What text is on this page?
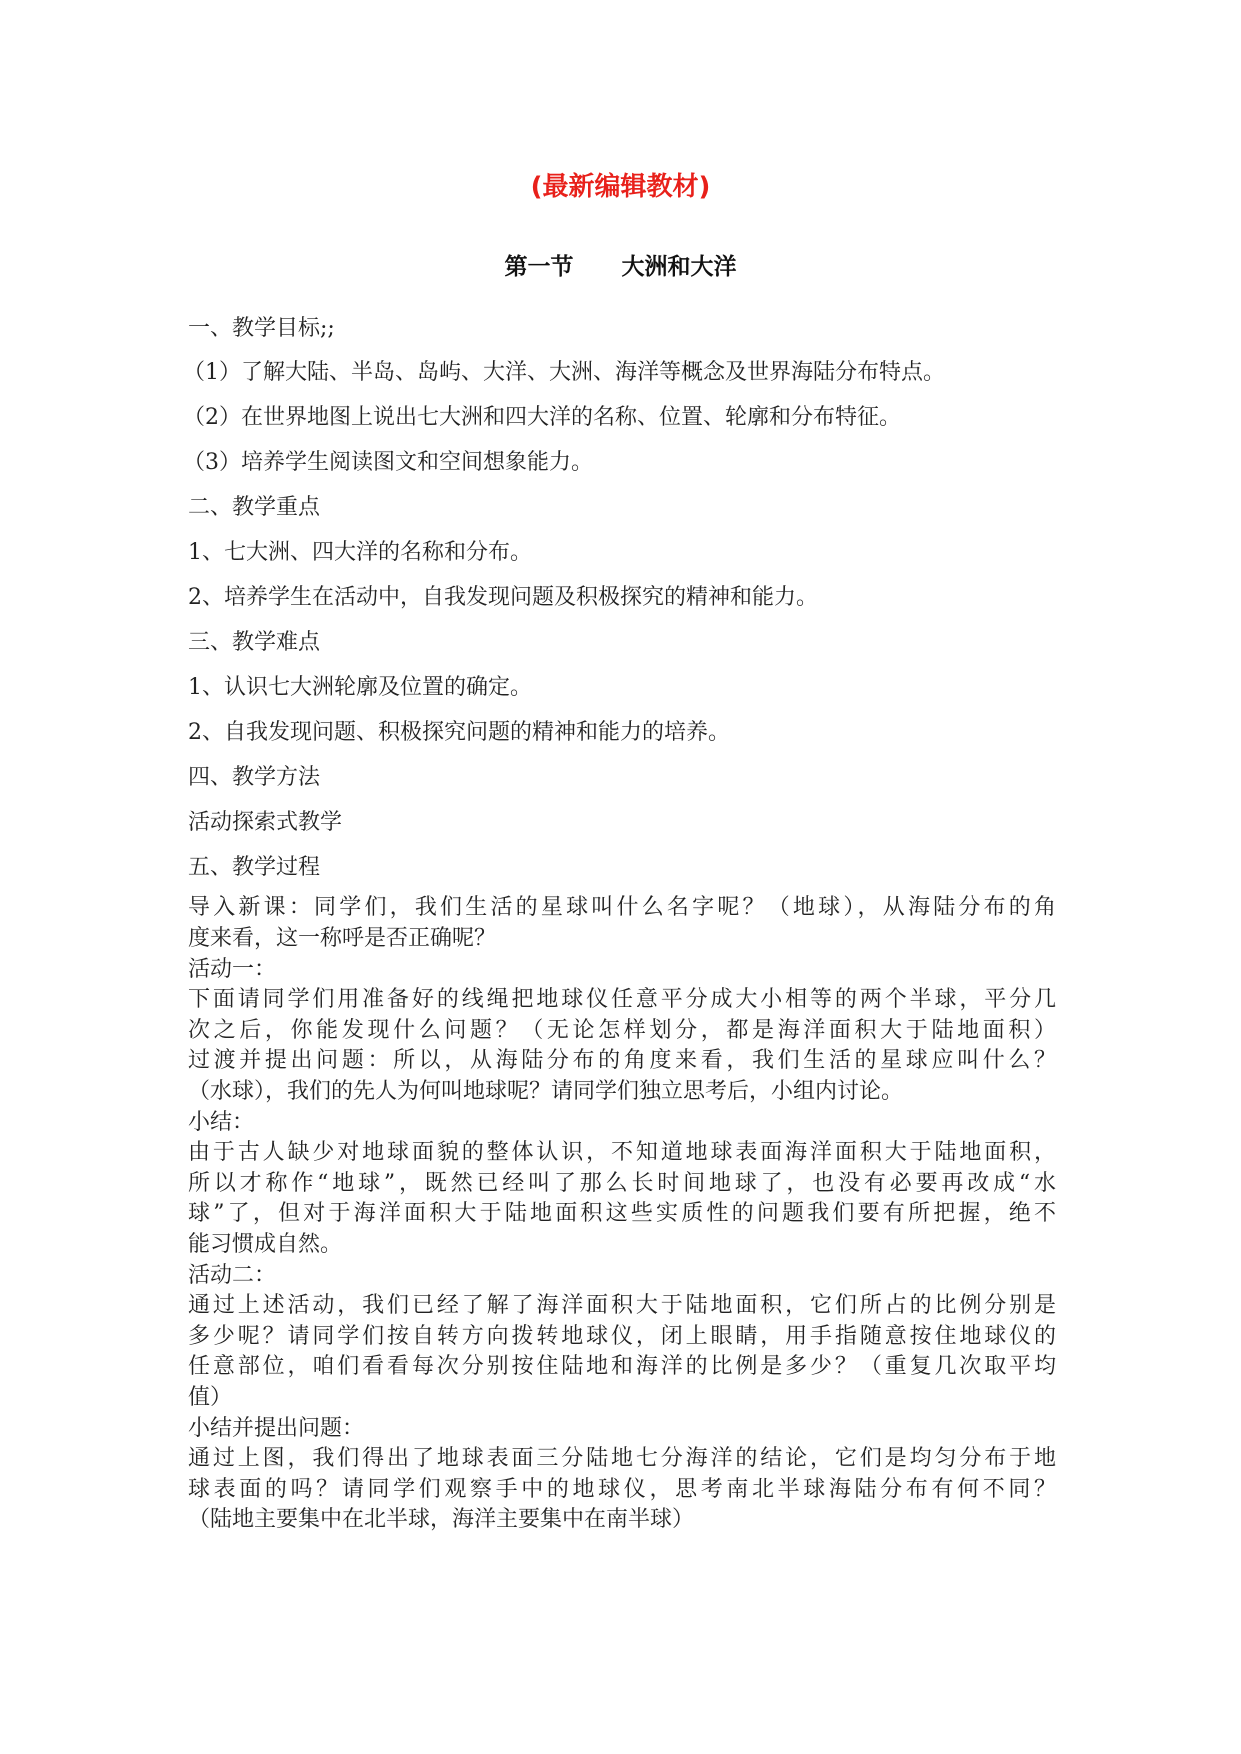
(最新编辑教材)
第一节      大洲和大洋
一、教学目标;;
（1）了解大陆、半岛、岛屿、大洋、大洲、海洋等概念及世界海陆分布特点。
（2）在世界地图上说出七大洲和四大洋的名称、位置、轮廓和分布特征。
（3）培养学生阅读图文和空间想象能力。
二、教学重点
1、七大洲、四大洋的名称和分布。
2、培养学生在活动中，自我发现问题及积极探究的精神和能力。
三、教学难点
1、认识七大洲轮廓及位置的确定。
2、自我发现问题、积极探究问题的精神和能力的培养。
四、教学方法
活动探索式教学
五、教学过程
导入新课：同学们，我们生活的星球叫什么名字呢？（地球），从海陆分布的角
度来看，这一称呼是否正确呢？
活动一：
下面请同学们用准备好的线绳把地球仪任意平分成大小相等的两个半球，平分几
次之后，你能发现什么问题？（无论怎样划分，都是海洋面积大于陆地面积）
过渡并提出问题：所以，从海陆分布的角度来看，我们生活的星球应叫什么？
（水球），我们的先人为何叫地球呢？请同学们独立思考后，小组内讨论。
小结：
由于古人缺少对地球面貌的整体认识，不知道地球表面海洋面积大于陆地面积，
所以才称作“地球”，既然已经叫了那么长时间地球了，也没有必要再改成“水
球”了，但对于海洋面积大于陆地面积这些实质性的问题我们要有所把握，绝不
能习惯成自然。
活动二：
通过上述活动，我们已经了解了海洋面积大于陆地面积，它们所占的比例分别是
多少呢？请同学们按自转方向拨转地球仪，闭上眼睛，用手指随意按住地球仪的
任意部位，咱们看看每次分别按住陆地和海洋的比例是多少？（重复几次取平均
值）
小结并提出问题：
通过上图，我们得出了地球表面三分陆地七分海洋的结论，它们是均匀分布于地
球表面的吗？请同学们观察手中的地球仪，思考南北半球海陆分布有何不同？
（陆地主要集中在北半球，海洋主要集中在南半球）
